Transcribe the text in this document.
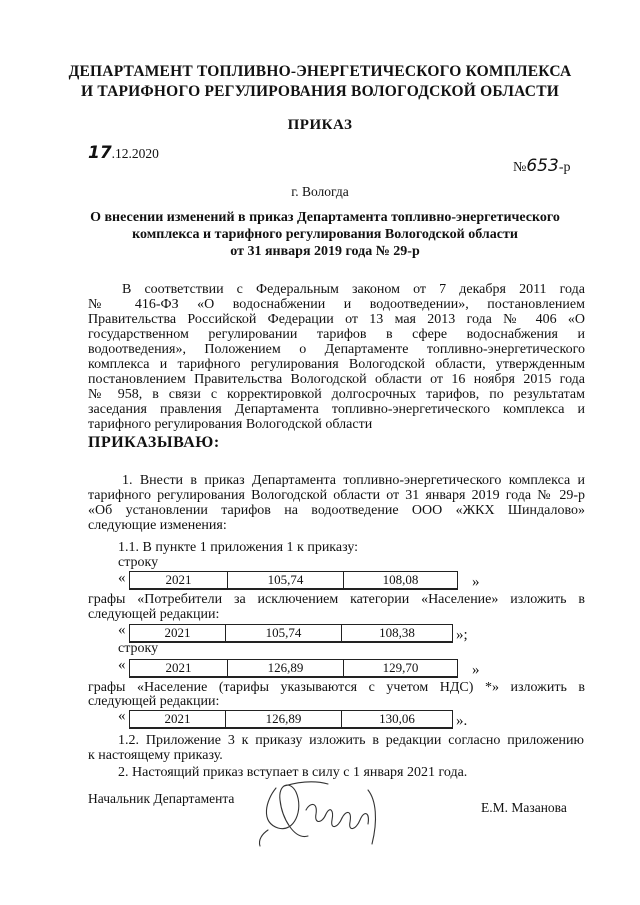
ДЕПАРТАМЕНТ ТОПЛИВНО-ЭНЕРГЕТИЧЕСКОГО КОМПЛЕКСА
И ТАРИФНОГО РЕГУЛИРОВАНИЯ ВОЛОГОДСКОЙ ОБЛАСТИ
ПРИКАЗ
17.12.2020
№653-р
г. Вологда
О внесении изменений в приказ Департамента топливно-энергетического
комплекса и тарифного регулирования Вологодской области
от 31 января 2019 года № 29-р
В соответствии с Федеральным законом от 7 декабря 2011 года
№ 416-ФЗ «О водоснабжении и водоотведении», постановлением
Правительства Российской Федерации от 13 мая 2013 года № 406 «О
государственном регулировании тарифов в сфере водоснабжения и
водоотведения», Положением о Департаменте топливно-энергетического
комплекса и тарифного регулирования Вологодской области, утвержденным
постановлением Правительства Вологодской области от 16 ноября 2015 года
№ 958, в связи с корректировкой долгосрочных тарифов, по результатам
заседания правления Департамента топливно-энергетического комплекса и
тарифного регулирования Вологодской области
ПРИКАЗЫВАЮ:
1. Внести в приказ Департамента топливно-энергетического комплекса и
тарифного регулирования Вологодской области от 31 января 2019 года № 29-р
«Об установлении тарифов на водоотведение ООО «ЖКХ Шиндалово»
следующие изменения:
1.1. В пункте 1 приложения 1 к приказу:
строку
«	2021	105,74	108,08	»
графы «Потребители за исключением категории «Население» изложить в
следующей редакции:
«	2021	105,74	108,38	»;
строку
«	2021	126,89	129,70	»
графы «Население (тарифы указываются с учетом НДС) *» изложить в
следующей редакции:
«	2021	126,89	130,06	».
1.2. Приложение 3 к приказу изложить в редакции согласно приложению
к настоящему приказу.
2. Настоящий приказ вступает в силу с 1 января 2021 года.
Начальник Департамента
Е.М. Мазанова
